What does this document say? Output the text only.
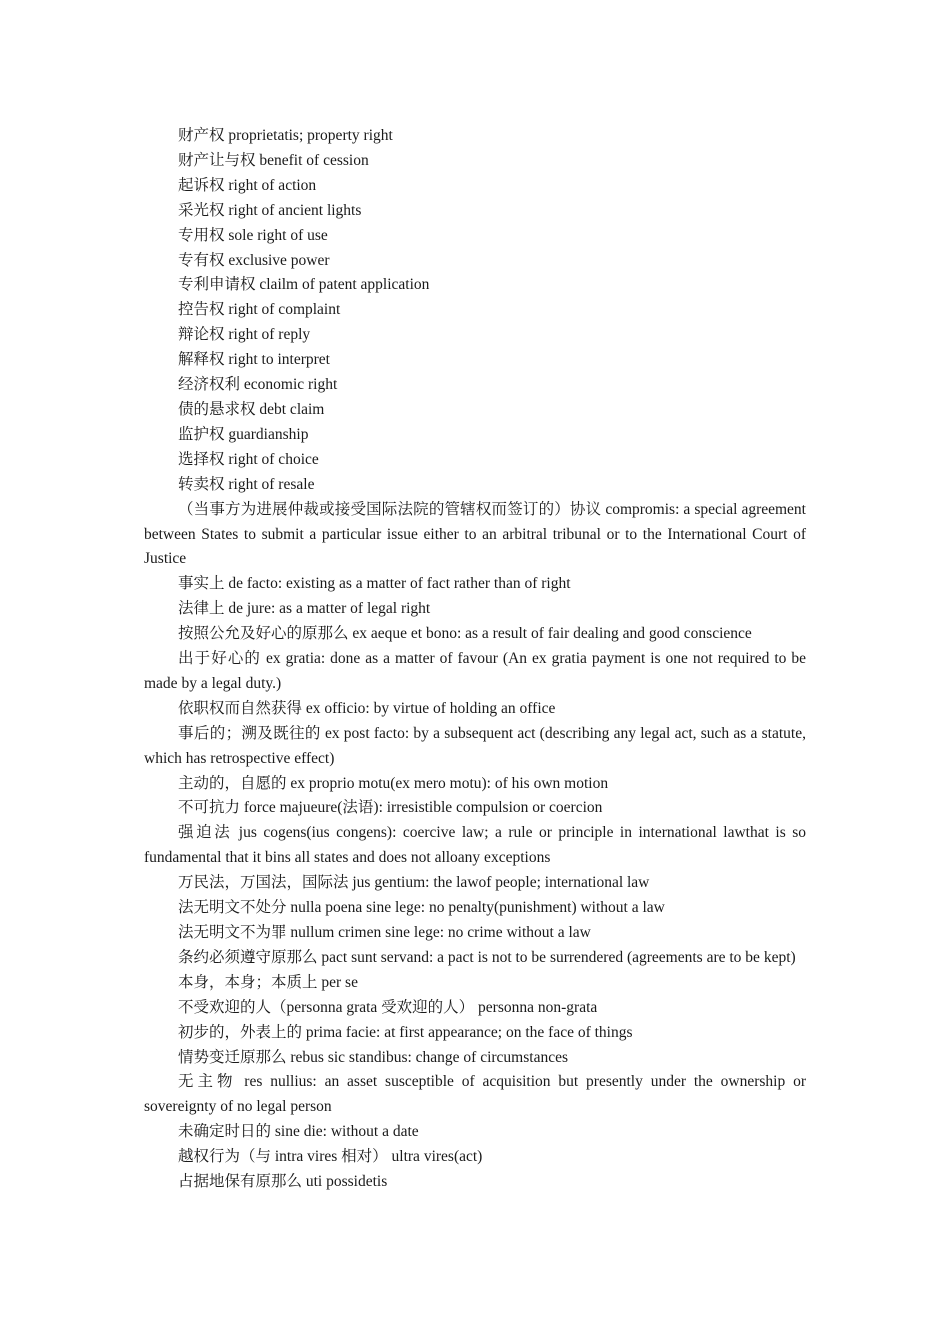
财产权 proprietatis; property right

财产让与权 benefit of cession

起诉权 right of action

采光权 right of ancient lights

专用权 sole right of use

专有权 exclusive power

专利申请权 clailm of patent application

控告权 right of complaint

辩论权 right of reply

解释权 right to interpret

经济权利 economic right

债的悬求权 debt claim

监护权 guardianship

选择权 right of choice

转卖权 right of resale

（当事方为进展仲裁或接受国际法院的管辖权而签订的）协议 compromis: a special agreement between States to submit a particular issue either to an arbitral tribunal or to the International Court of Justice

事实上 de facto: existing as a matter of fact rather than of right

法律上 de jure: as a matter of legal right

按照公允及好心的原那么 ex aeque et bono: as a result of fair dealing and good conscience

出于好心的 ex gratia: done as a matter of favour (An ex gratia payment is one not required to be made by a legal duty.)

依职权而自然获得 ex officio: by virtue of holding an office

事后的；溯及既往的 ex post facto: by a subsequent act (describing any legal act, such as a statute, which has retrospective effect)

主动的，自愿的 ex proprio motu(ex mero motu): of his own motion

不可抗力 force majueure(法语): irresistible compulsion or coercion

强迫法 jus cogens(ius congens): coercive law; a rule or principle in international lawthat is so fundamental that it bins all states and does not alloany exceptions

万民法，万国法，国际法 jus gentium: the lawof people; international law

法无明文不处分 nulla poena sine lege: no penalty(punishment) without a law

法无明文不为罪 nullum crimen sine lege: no crime without a law

条约必须遵守原那么 pact sunt servand: a pact is not to be surrendered (agreements are to be kept)

本身，本身；本质上 per se

不受欢迎的人（personna grata 受欢迎的人） personna non-grata

初步的，外表上的 prima facie: at first appearance; on the face of things

情势变迁原那么 rebus sic standibus: change of circumstances

无主物 res nullius: an asset susceptible of acquisition but presently under the ownership or sovereignty of no legal person

未确定时日的 sine die: without a date

越权行为（与 intra vires 相对） ultra vires(act)

占据地保有原那么 uti possidetis
